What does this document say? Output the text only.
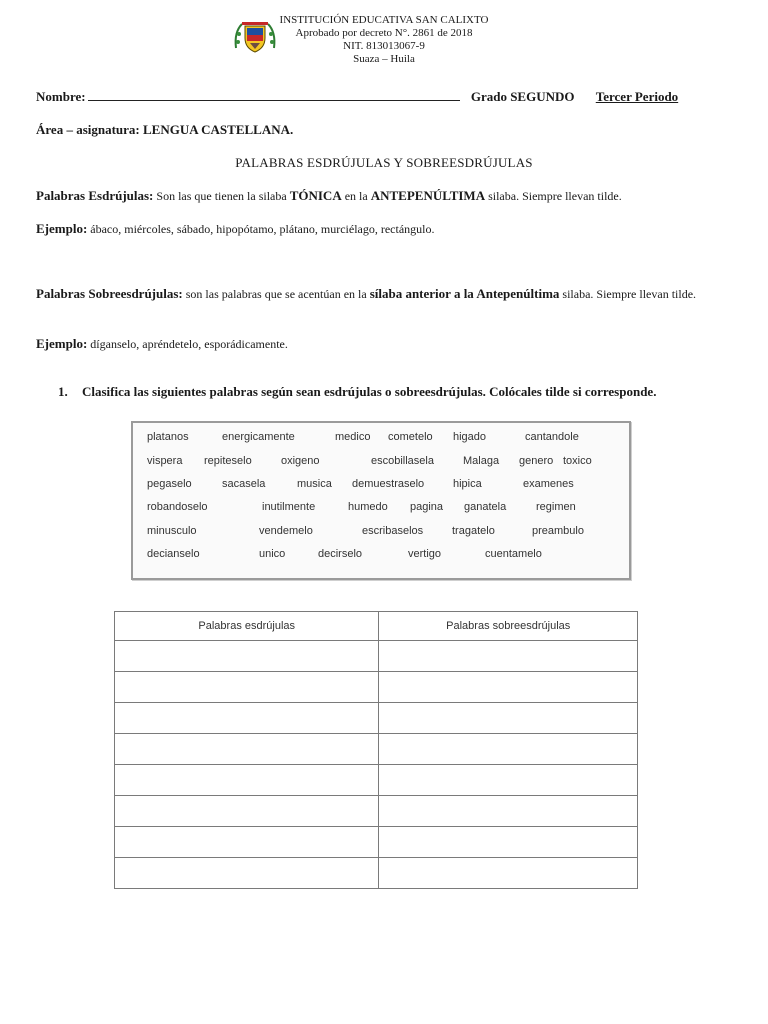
INSTITUCIÓN EDUCATIVA SAN CALIXTO
Aprobado por decreto N°. 2861 de 2018
NIT. 813013067-9
Suaza – Huila
Nombre:	Grado SEGUNDO Tercer Periodo
Área – asignatura: LENGUA CASTELLANA.
PALABRAS ESDRÚJULAS Y SOBREESDRÚJULAS
Palabras Esdrújulas: Son las que tienen la silaba TÓNICA en la ANTEPENÚLTIMA silaba. Siempre llevan tilde.
Ejemplo: ábaco, miércoles, sábado, hipopótamo, plátano, murciélago, rectángulo.
Palabras Sobreesdrújulas: son las palabras que se acentúan en la sílaba anterior a la Antepenúltima silaba. Siempre llevan tilde.
Ejemplo: díganselo, apréndetelo, esporádicamente.
1. Clasifica las siguientes palabras según sean esdrújulas o sobreesdrújulas. Colócales tilde si corresponde.
platanos	energicamente	medico cometelo higado	cantandole
vispera repiteselo	oxigeno	escobillasela	Malaga genero toxico
pegaselo	sacasela	musica demuestraselo	hipica	examenes
robandoselo	inutilmente	humedo pagina ganatela	regimen
minusculo	vendemelo	escribaselos	tragatelo	preambulo
decianselo	unico	decirselo	vertigo	cuentamelo
Palabras esdrújulas	Palabras sobreesdrújulas
